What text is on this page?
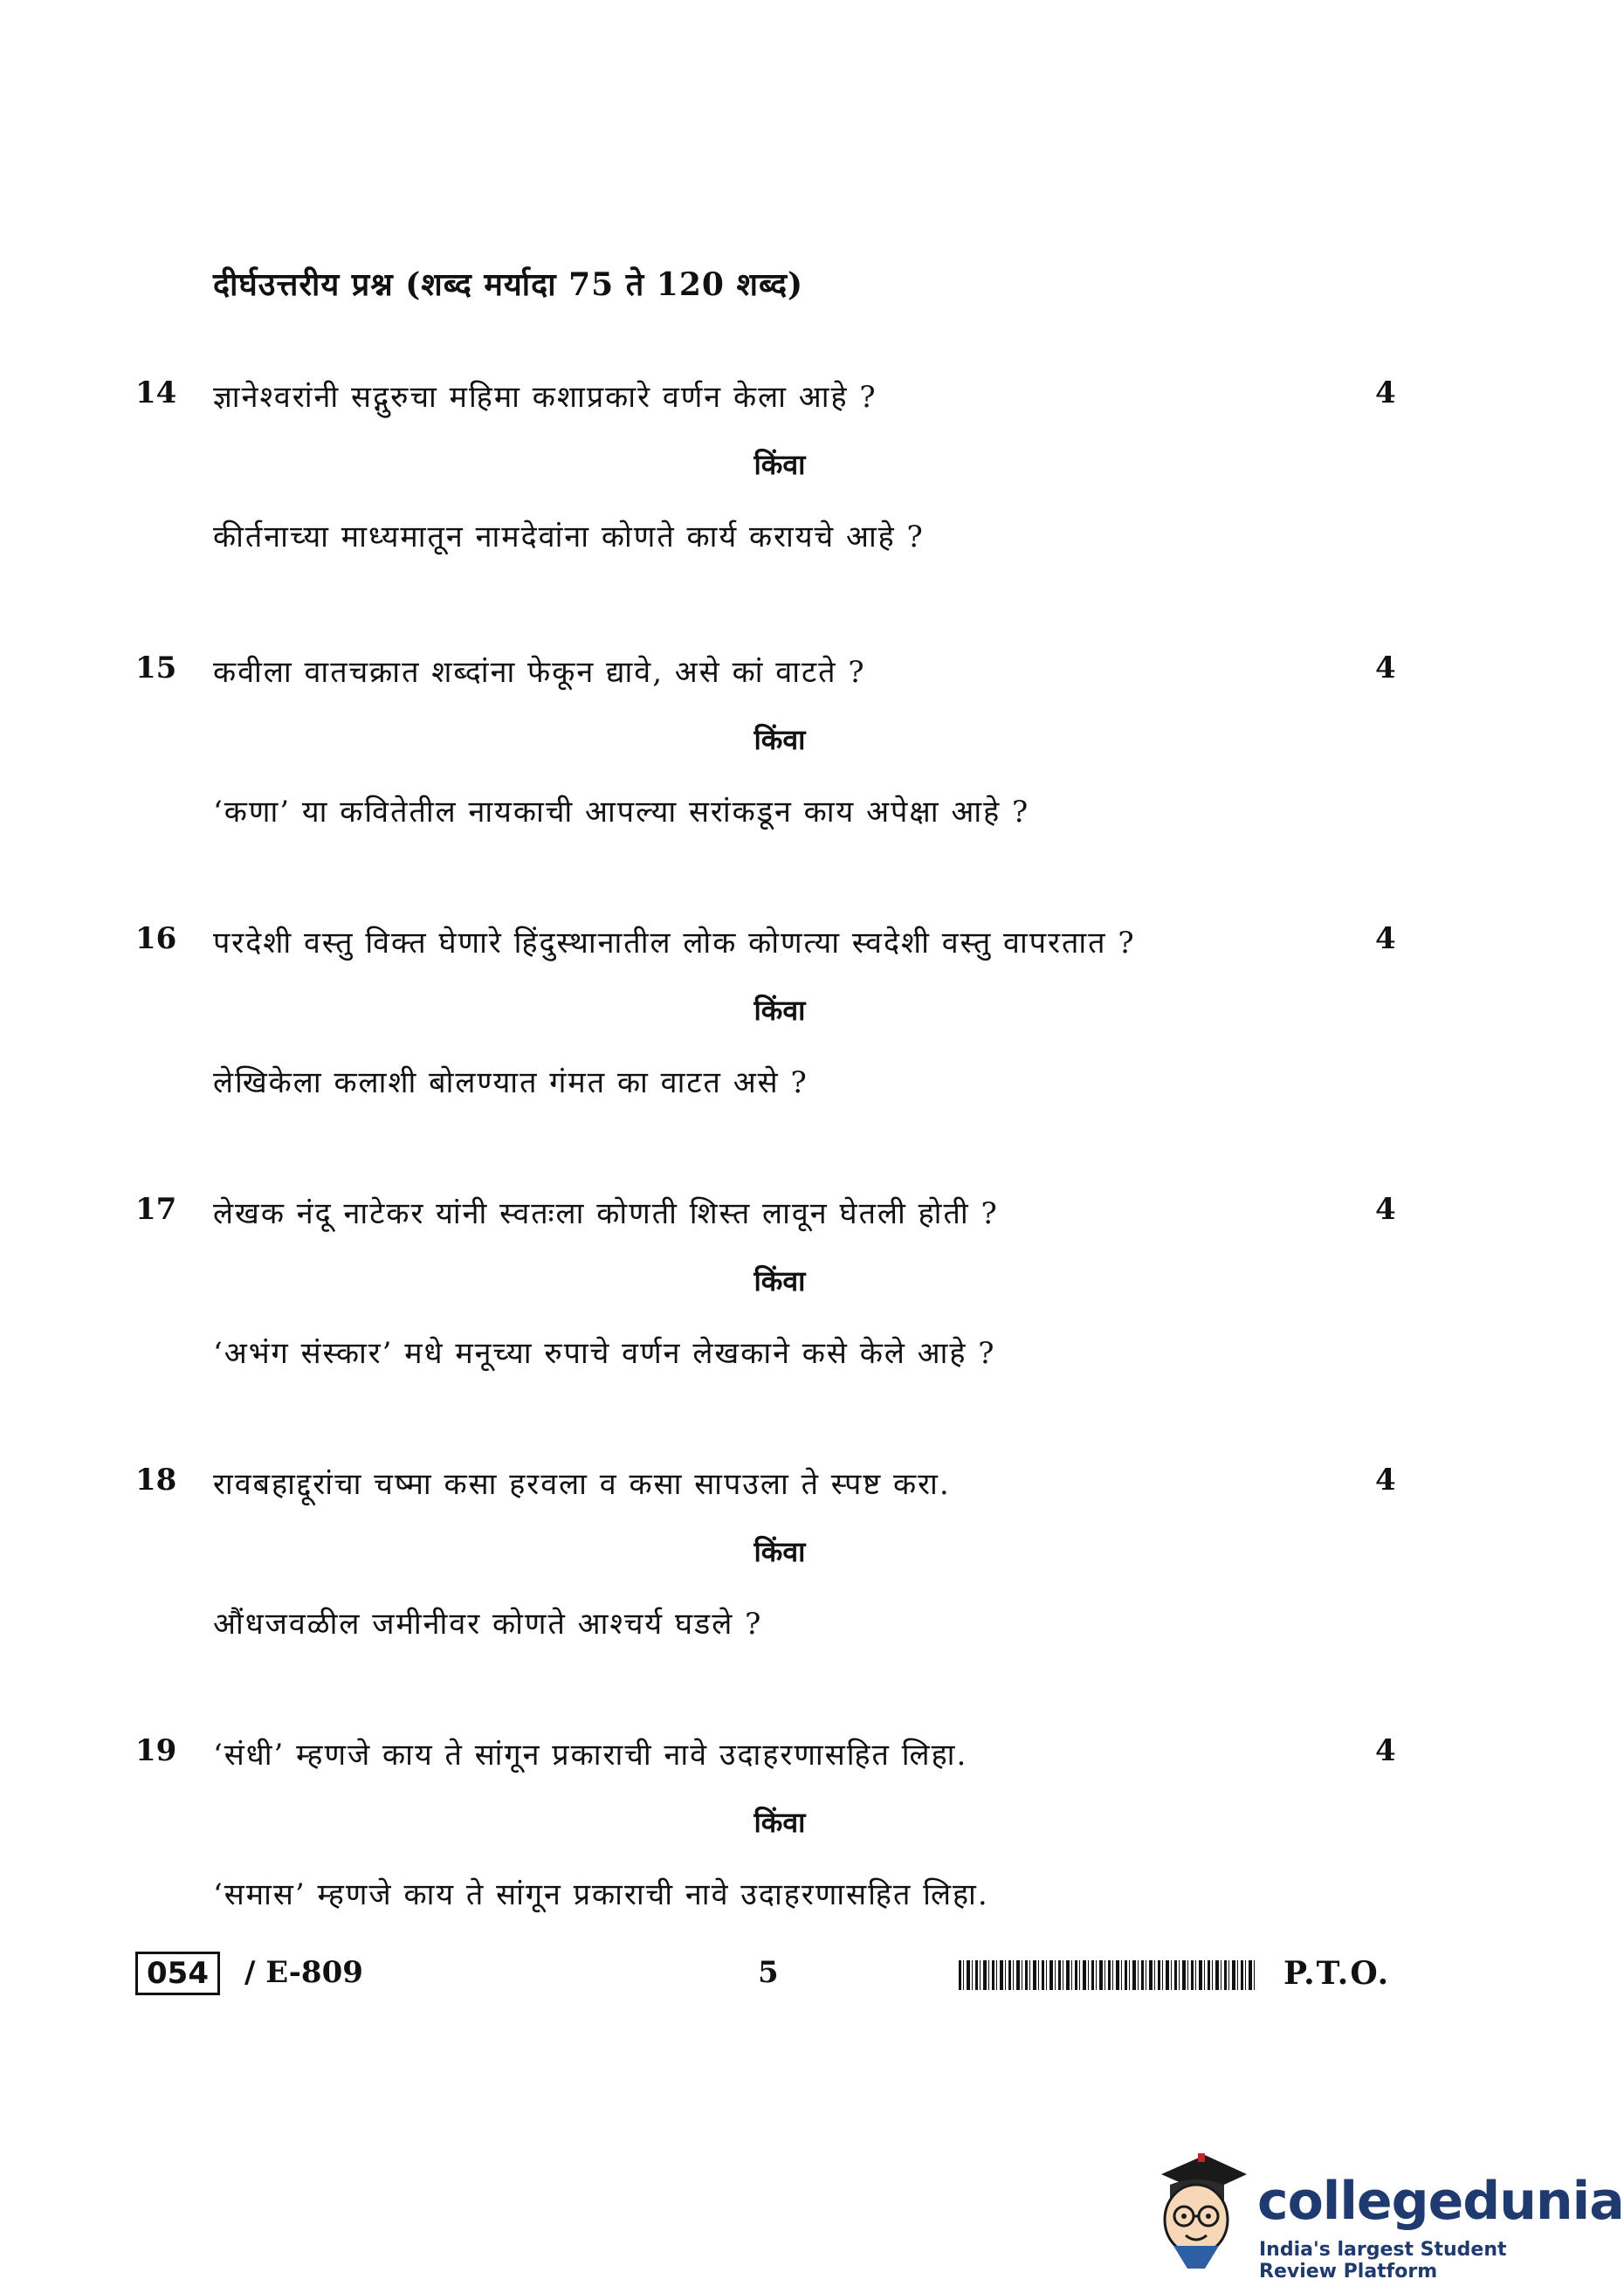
दीर्घउत्तरीय प्रश्न (शब्द मर्यादा 75 ते 120 शब्द)
14 ज्ञानेश्वरांनी सद्गुरुचा महिमा कशाप्रकारे वर्णन केला आहे ?	4
किंवा
कीर्तनाच्या माध्यमातून नामदेवांना कोणते कार्य करायचे आहे ?
15 कवीला वातचक्रात शब्दांना फेकून द्यावे, असे कां वाटते ?	4
किंवा
‘कणा’ या कवितेतील नायकाची आपल्या सरांकडून काय अपेक्षा आहे ?
16 परदेशी वस्तु विक्त घेणारे हिंदुस्थानातील लोक कोणत्या स्वदेशी वस्तु वापरतात ?	4
किंवा
लेखिकेला कलाशी बोलण्यात गंमत का वाटत असे ?
17 लेखक नंदू नाटेकर यांनी स्वतःला कोणती शिस्त लावून घेतली होती ?	4
किंवा
‘अभंग संस्कार’ मधे मनूच्या रुपाचे वर्णन लेखकाने कसे केले आहे ?
18 रावबहाद्दूरांचा चष्मा कसा हरवला व कसा सापउला ते स्पष्ट करा.	4
किंवा
औंधजवळील जमीनीवर कोणते आश्चर्य घडले ?
19 ‘संधी’ म्हणजे काय ते सांगून प्रकाराची नावे उदाहरणासहित लिहा.	4
किंवा
‘समास’ म्हणजे काय ते सांगून प्रकाराची नावे उदाहरणासहित लिहा.
054	/ E-809	5	P.T.O.
collegedunia
India's largest Student Review Platform
